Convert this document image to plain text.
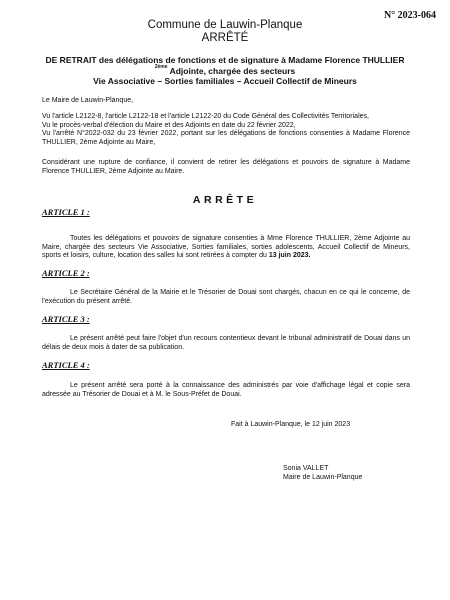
N° 2023-064
Commune de Lauwin-Planque
ARRÊTÉ
DE RETRAIT des délégations de fonctions et de signature à Madame Florence THULLIER
$^{2ème}$ Adjointe, chargée des secteurs
Vie Associative – Sorties familiales – Accueil Collectif de Mineurs
Le Maire de Lauwin-Planque,
Vu l'article L2122-8, l'article L2122-18 et l'article L2122-20 du Code Général des Collectivités Territoriales,
Vu le procès-verbal d'élection du Maire et des Adjoints en date du 22 février 2022,
Vu l'arrêté N°2022-032 du 23 février 2022, portant sur les délégations de fonctions consenties à Madame Florence THULLIER, 2ème Adjointe au Maire,
Considérant une rupture de confiance, il convient de retirer les délégations et pouvoirs de signature à Madame Florence THULLIER, 2ème Adjointe au Maire.
ARRÊTE
ARTICLE 1 :
Toutes les délégations et pouvoirs de signature consenties à Mme Florence THULLIER, 2ème Adjointe au Maire, chargée des secteurs Vie Associative, Sorties familiales, sorties adolescents, Accueil Collectif de Mineurs, sports et loisirs, culture, location des salles lui sont retirées à compter du 13 juin 2023.
ARTICLE 2 :
Le Secrétaire Général de la Mairie et le Trésorier de Douai sont chargés, chacun en ce qui le concerne, de l'exécution du présent arrêté.
ARTICLE 3 :
Le présent arrêté peut faire l'objet d'un recours contentieux devant le tribunal administratif de Douai dans un délais de deux mois à dater de sa publication.
ARTICLE 4 :
Le présent arrêté sera porté à la connaissance des administrés par voie d'affichage légal et copie sera adressée au Trésorier de Douai et à M. le Sous-Préfet de Douai.
Fait à Lauwin-Planque, le 12 juin 2023
Sonia VALLET
Maire de Lauwin-Planque
